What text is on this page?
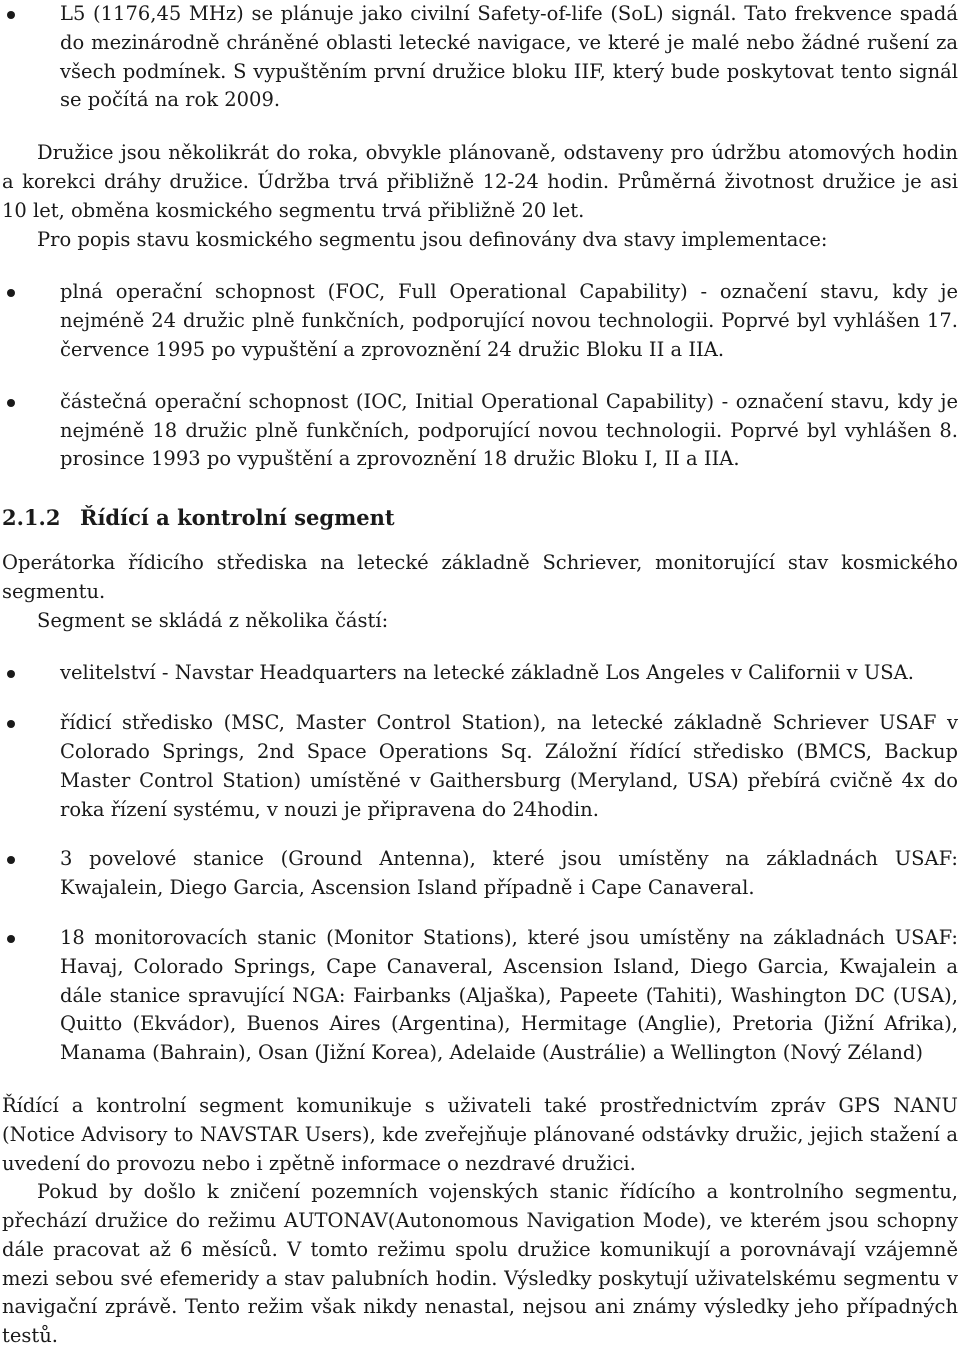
L5 (1176,45 MHz) se plánuje jako civilní Safety-of-life (SoL) signál. Tato frekvence spadá do mezinárodně chráněné oblasti letecké navigace, ve které je malé nebo žádné rušení za všech podmínek. S vypuštěním první družice bloku IIF, který bude poskytovat tento signál se počítá na rok 2009.

Družice jsou několikrát do roka, obvykle plánovaně, odstaveny pro údržbu atomových hodin a korekci dráhy družice. Údržba trvá přibližně 12-24 hodin. Průměrná životnost družice je asi 10 let, obměna kosmického segmentu trvá přibližně 20 let.

Pro popis stavu kosmického segmentu jsou definovány dva stavy implementace:

plná operační schopnost (FOC, Full Operational Capability) - označení stavu, kdy je nejméně 24 družic plně funkčních, podporující novou technologii. Poprvé byl vyhlášen 17. července 1995 po vypuštění a zprovoznění 24 družic Bloku II a IIA.
částečná operační schopnost (IOC, Initial Operational Capability) - označení stavu, kdy je nejméně 18 družic plně funkčních, podporující novou technologii. Poprvé byl vyhlášen 8. prosince 1993 po vypuštění a zprovoznění 18 družic Bloku I, II a IIA.
2.1.2 Řídící a kontrolní segment

Operátorka řídicího střediska na letecké základně Schriever, monitorující stav kosmického segmentu.

Segment se skládá z několika částí:

velitelství - Navstar Headquarters na letecké základně Los Angeles v Californii v USA.
řídicí středisko (MSC, Master Control Station), na letecké základně Schriever USAF v Colorado Springs, 2nd Space Operations Sq. Záložní řídící středisko (BMCS, Backup Master Control Station) umístěné v Gaithersburg (Meryland, USA) přebírá cvičně 4x do roka řízení systému, v nouzi je připravena do 24hodin.
3 povelové stanice (Ground Antenna), které jsou umístěny na základnách USAF: Kwajalein, Diego Garcia, Ascension Island případně i Cape Canaveral.
18 monitorovacích stanic (Monitor Stations), které jsou umístěny na základnách USAF: Havaj, Colorado Springs, Cape Canaveral, Ascension Island, Diego Garcia, Kwajalein a dále stanice spravující NGA: Fairbanks (Aljaška), Papeete (Tahiti), Washington DC (USA), Quitto (Ekvádor), Buenos Aires (Argentina), Hermitage (Anglie), Pretoria (Jižní Afrika), Manama (Bahrain), Osan (Jižní Korea), Adelaide (Austrálie) a Wellington (Nový Zéland)

Řídící a kontrolní segment komunikuje s uživateli také prostřednictvím zpráv GPS NANU (Notice Advisory to NAVSTAR Users), kde zveřejňuje plánované odstávky družic, jejich stažení a uvedení do provozu nebo i zpětně informace o nezdravé družici.

Pokud by došlo k zničení pozemních vojenských stanic řídícího a kontrolního segmentu, přechází družice do režimu AUTONAV(Autonomous Navigation Mode), ve kterém jsou schopny dále pracovat až 6 měsíců. V tomto režimu spolu družice komunikují a porovnávají vzájemně mezi sebou své efemeridy a stav palubních hodin. Výsledky poskytují uživatelskému segmentu v navigační zprávě. Tento režim však nikdy nenastal, nejsou ani známy výsledky jeho případných testů.
